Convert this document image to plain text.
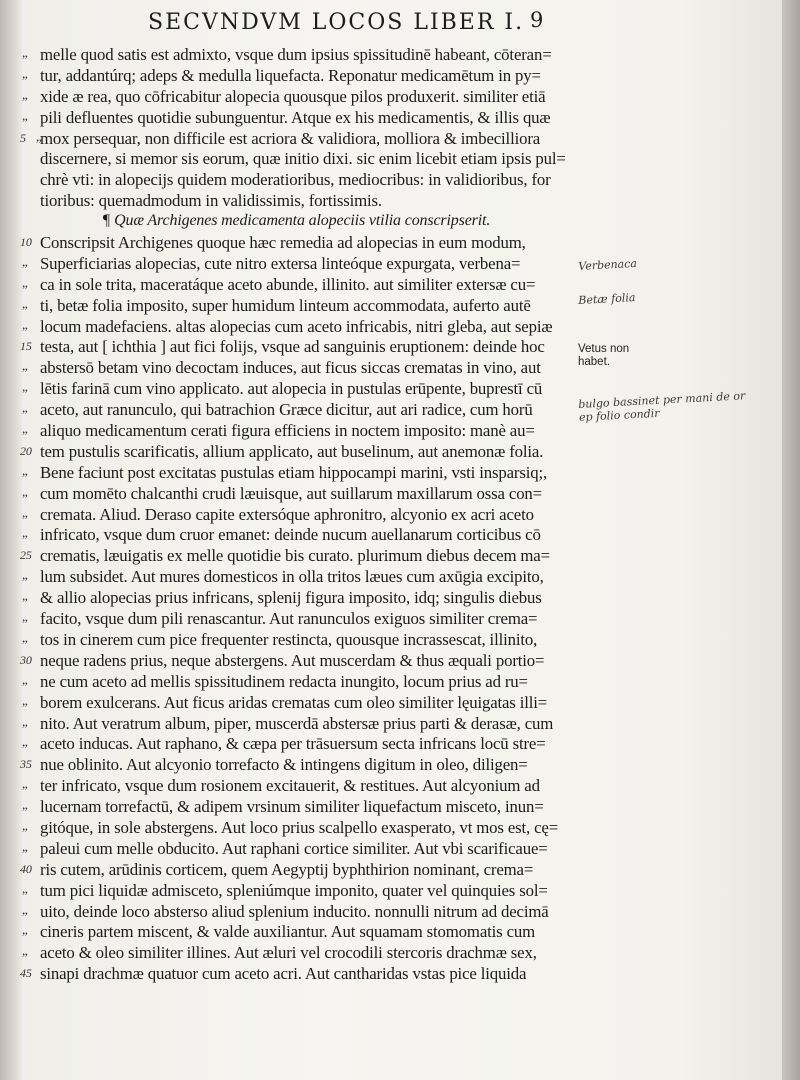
SECVNDVM LOCOS LIBER I. 9
„ melle quod satis est admixto, vsque dum ipsius spissitudinē habeant, cōteran=
„ tur, addantúrq; adeps & medulla liquefacta. Reponatur medicamētum in py=
„ xide æ rea, quo cōfricabitur alopecia quousque pilos produxerit. similiter etiā
„ pili defluentes quotidie subunguentur. Atque ex his medicamentis, & illis quæ
5 „
mox persequar, non difficile est acriora & validiora, molliora & imbecilliora
discernere, si memor sis eorum, quæ initio dixi. sic enim licebit etiam ipsis pul=
chrè vti: in alopecijs quidem moderatioribus, mediocribus: in validioribus, for
tioribus: quemadmodum in validissimis, fortissimis.
¶ Quæ Archigenes medicamenta alopeciis vtilia conscripserit.
10 Conscripsit Archigenes quoque hæc remedia ad alopecias in eum modum,
„ Superficiarias alopecias, cute nitro extersa linteóque expurgata, verbena=
„ ca in sole trita, maceratáque aceto abunde, illinito. aut similiter extersæ cu=
„ ti, betæ folia imposito, super humidum linteum accommodata, auferto autē
„ locum madefaciens. altas alopecias cum aceto infricabis, nitri gleba, aut sepiæ
15 testa, aut [ ichthia ] aut fici folijs, vsque ad sanguinis eruptionem: deinde hoc
„ abstersō betam vino decoctam induces, aut ficus siccas crematas in vino, aut
„ lētis farinā cum vino applicato. aut alopecia in pustulas erūpente, buprestī cū
„ aceto, aut ranunculo, qui batrachion Græce dicitur, aut ari radice, cum horū
„ aliquo medicamentum cerati figura efficiens in noctem imposito: manè au=
20 tem pustulis scarificatis, allium applicato, aut buselinum, aut anemonæ folia.
„ Bene faciunt post excitatas pustulas etiam hippocampi marini, vsti insparsiq;,
„ cum momēto chalcanthi crudi læuisque, aut suillarum maxillarum ossa con=
„ cremata. Aliud. Deraso capite extersóque aphronitro, alcyonio ex acri aceto
„ infricato, vsque dum cruor emanet: deinde nucum auellanarum corticibus cō
25 crematis, læuigatis ex melle quotidie bis curato. plurimum diebus decem ma=
„ lum subsidet. Aut mures domesticos in olla tritos læues cum axūgia excipito,
„ & allio alopecias prius infricans, splenij figura imposito, idq; singulis diebus
„ facito, vsque dum pili renascantur. Aut ranunculos exiguos similiter crema=
„ tos in cinerem cum pice frequenter restincta, quousque incrassescat, illinito,
30 neque radens prius, neque abstergens. Aut muscerdam & thus æquali portio=
„ ne cum aceto ad mellis spissitudinem redacta inungito, locum prius ad ru=
„ borem exulcerans. Aut ficus aridas crematas cum oleo similiter lęuigatas illi=
„ nito. Aut veratrum album, piper, muscerdā abstersæ prius parti & derasæ, cum
„ aceto inducas. Aut raphano, & cæpa per trāsuersum secta infricans locū stre=
35 nue oblinito. Aut alcyonio torrefacto & intingens digitum in oleo, diligen=
„ ter infricato, vsque dum rosionem excitauerit, & restitues. Aut alcyonium ad
„ lucernam torrefactū, & adipem vrsinum similiter liquefactum misceto, inun=
„ gitóque, in sole abstergens. Aut loco prius scalpello exasperato, vt mos est, cę=
„ paleui cum melle obducito. Aut raphani cortice similiter. Aut vbi scarificaue=
40 ris cutem, arūdinis corticem, quem Aegyptij byphthirion nominant, crema=
„ tum pici liquidæ admisceto, spleniúmque imponito, quater vel quinquies sol=
„ uito, deinde loco absterso aliud splenium inducito. nonnulli nitrum ad decimā
„ cineris partem miscent, & valde auxiliantur. Aut squamam stomomatis cum
„ aceto & oleo similiter illines. Aut æluri vel crocodili stercoris drachmæ sex,
45 sinapi drachmæ quatuor cum aceto acri. Aut cantharidas vstas pice liquida
Verbenaca
Betæ folia
Vetus non
habet.
bulgo bassinet per mani de or
ep folio condir
